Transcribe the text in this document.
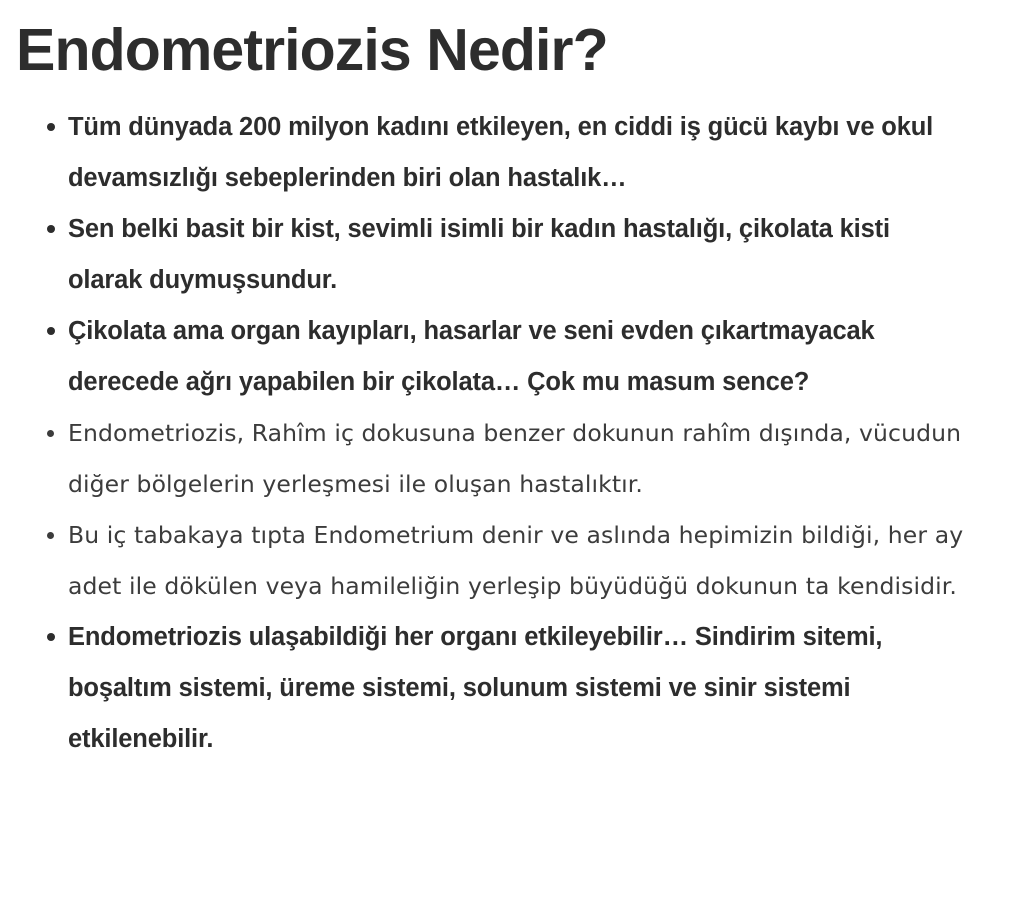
Endometriozis Nedir?
Tüm dünyada 200 milyon kadını etkileyen, en ciddi iş gücü kaybı ve okul devamsızlığı sebeplerinden biri olan hastalık…
Sen belki basit bir kist, sevimli isimli bir kadın hastalığı, çikolata kisti olarak duymuşsundur.
Çikolata ama organ kayıpları, hasarlar ve seni evden çıkartmayacak derecede ağrı yapabilen bir çikolata… Çok mu masum sence?
Endometriozis, Rahîm iç dokusuna benzer dokunun rahîm dışında, vücudun diğer bölgelerin yerleşmesi ile oluşan hastalıktır.
Bu iç tabakaya tıpta Endometrium denir ve aslında hepimizin bildiği, her ay adet ile dökülen veya hamileliğin yerleşip büyüdüğü dokunun ta kendisidir.
Endometriozis ulaşabildiği her organı etkileyebilir… Sindirim sitemi, boşaltım sistemi, üreme sistemi, solunum sistemi ve sinir sistemi etkilenebilir.
